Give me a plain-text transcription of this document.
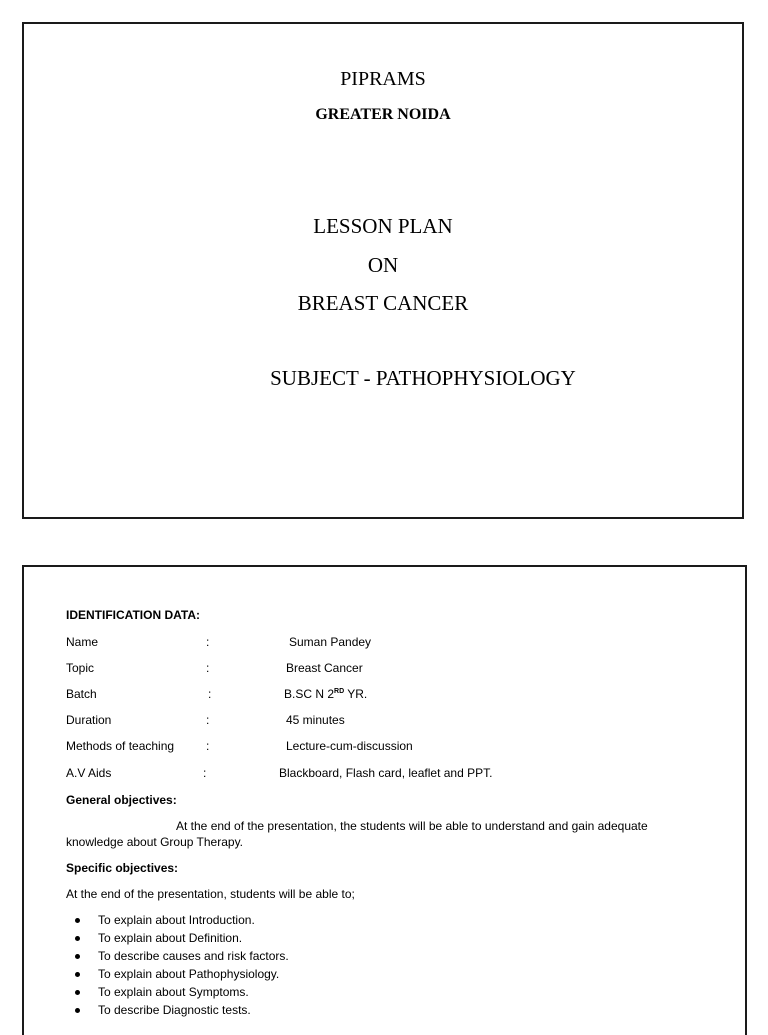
PIPRAMS
GREATER NOIDA
LESSON PLAN
ON
BREAST CANCER
SUBJECT - PATHOPHYSIOLOGY
IDENTIFICATION DATA:
Name	:	Suman Pandey
Topic	:	Breast Cancer
Batch	:	B.SC N 2RD YR.
Duration	:	45 minutes
Methods of teaching	:	Lecture-cum-discussion
A.V Aids	:	Blackboard, Flash card, leaflet and PPT.
General objectives:
At the end of the presentation, the students will be able to understand and gain adequate
knowledge about Group Therapy.
Specific objectives:
At the end of the presentation, students will be able to;
To explain about Introduction.
To explain about Definition.
To describe causes and risk factors.
To explain about Pathophysiology.
To explain about Symptoms.
To describe Diagnostic tests.
